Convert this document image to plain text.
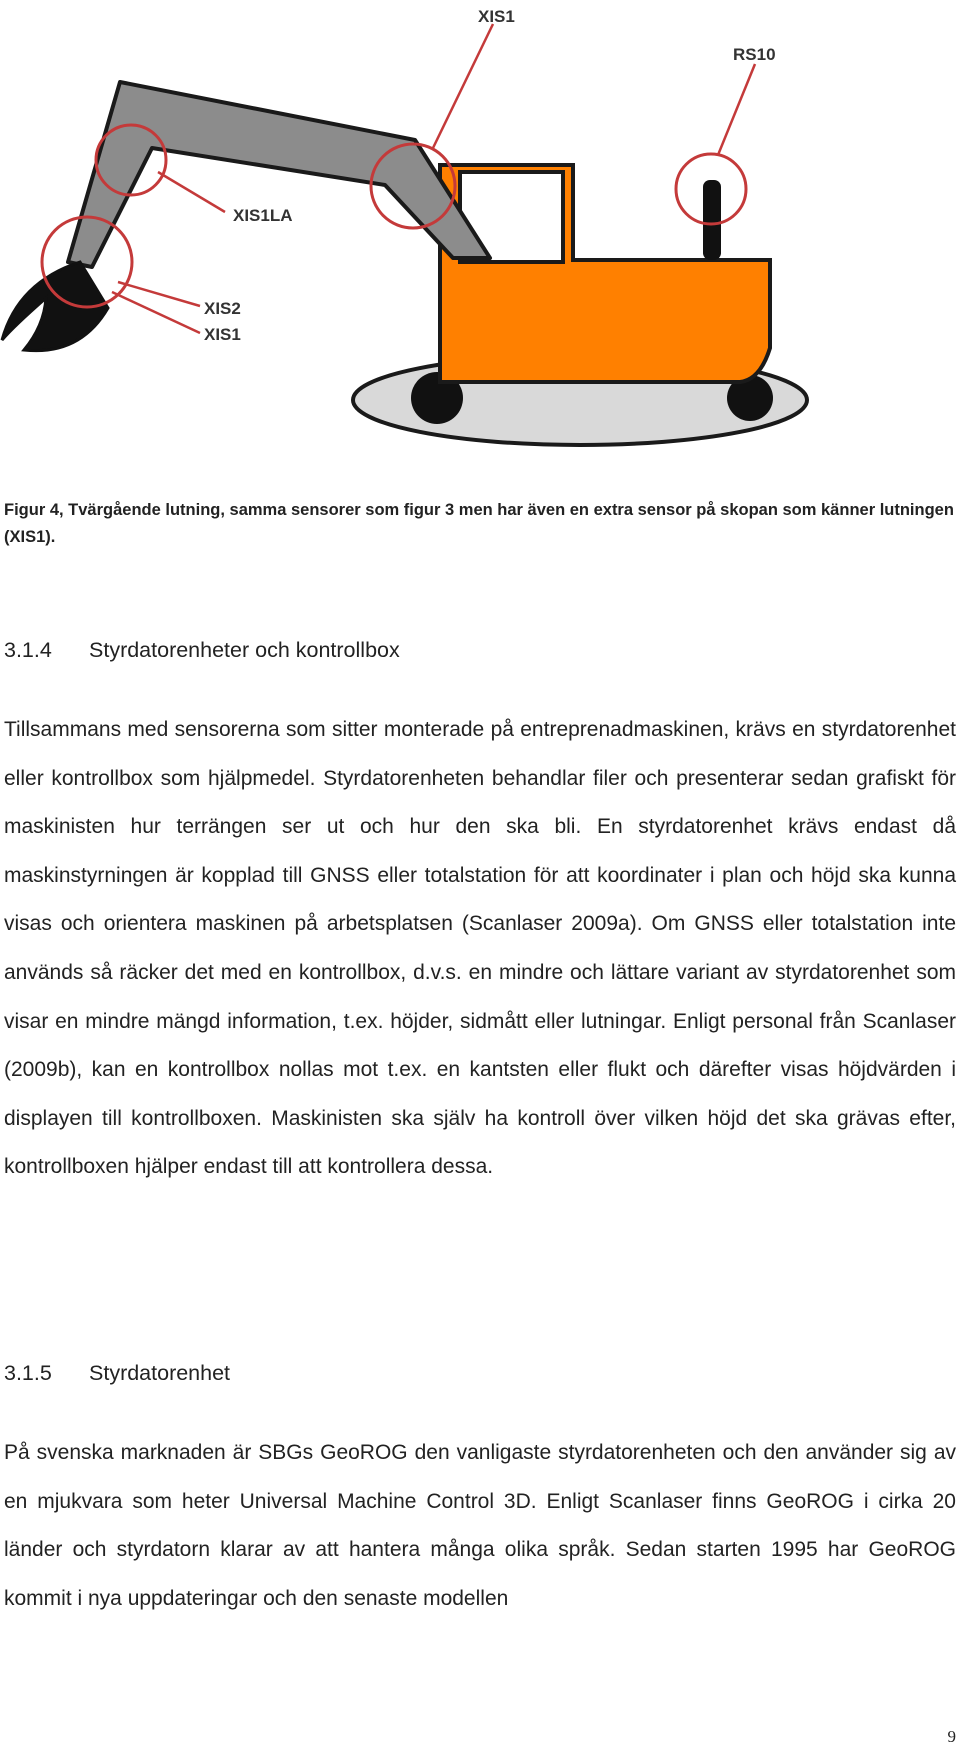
XIS1
RS10
XIS1LA
XIS2
XIS1

Figur 4, Tvärgående lutning, samma sensorer som figur 3 men har även en extra sensor på skopan som känner lutningen (XIS1).

3.1.4 Styrdatorenheter och kontrollbox

Tillsammans med sensorerna som sitter monterade på entreprenadmaskinen, krävs en styrdatorenhet eller kontrollbox som hjälpmedel. Styrdatorenheten behandlar filer och presenterar sedan grafiskt för maskinisten hur terrängen ser ut och hur den ska bli. En styrdatorenhet krävs endast då maskinstyrningen är kopplad till GNSS eller totalstation för att koordinater i plan och höjd ska kunna visas och orientera maskinen på arbetsplatsen (Scanlaser 2009a). Om GNSS eller totalstation inte används så räcker det med en kontrollbox, d.v.s. en mindre och lättare variant av styrdatorenhet som visar en mindre mängd information, t.ex. höjder, sidmått eller lutningar. Enligt personal från Scanlaser (2009b), kan en kontrollbox nollas mot t.ex. en kantsten eller flukt och därefter visas höjdvärden i displayen till kontrollboxen. Maskinisten ska själv ha kontroll över vilken höjd det ska grävas efter, kontrollboxen hjälper endast till att kontrollera dessa.

3.1.5 Styrdatorenhet

På svenska marknaden är SBGs GeoROG den vanligaste styrdatorenheten och den använder sig av en mjukvara som heter Universal Machine Control 3D. Enligt Scanlaser finns GeoROG i cirka 20 länder och styrdatorn klarar av att hantera många olika språk. Sedan starten 1995 har GeoROG kommit i nya uppdateringar och den senaste modellen

9
